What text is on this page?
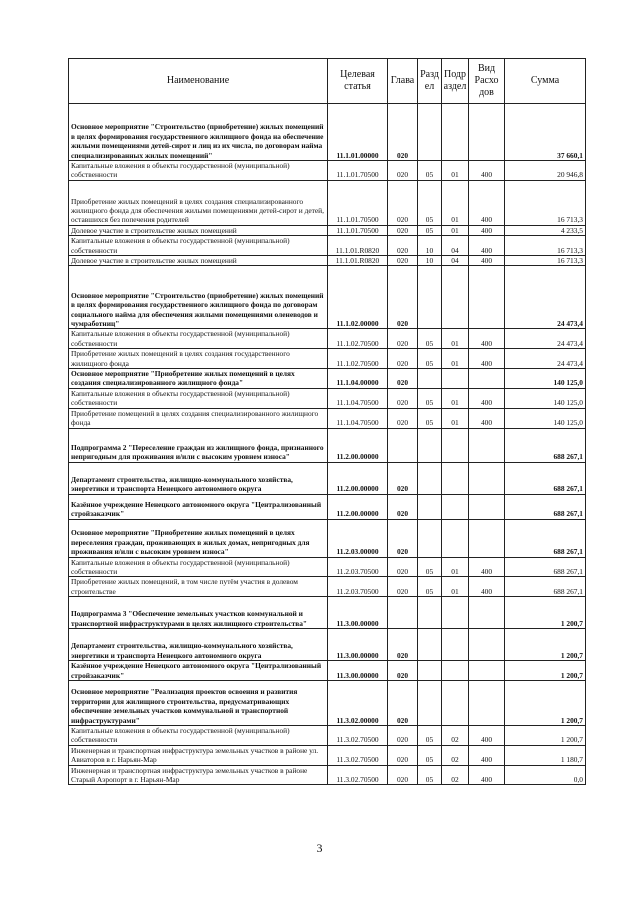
Наименование	Целевая статья	Глава	Разд ел	Подр аздел	Вид Расхо дов	Сумма
Основное мероприятие "Строительство (приобретение) жилых помещений в целях формирования государственного жилищного фонда на обеспечение жилыми помещениями детей-сирот и лиц из их числа, по договорам найма специализированных жилых помещений"	11.1.01.00000	020				37 660,1
Капитальные вложения в объекты государственной (муниципальной) собственности	11.1.01.70500	020	05	01	400	20 946,8
Приобретение жилых помещений в целях создания специализированного жилищного фонда для обеспечения жилыми помещениями детей-сирот и детей, оставшихся без попечения родителей	11.1.01.70500	020	05	01	400	16 713,3
Долевое участие в строительстве жилых помещений	11.1.01.70500	020	05	01	400	4 233,5
Капитальные вложения в объекты государственной (муниципальной) собственности	11.1.01.R0820	020	10	04	400	16 713,3
Долевое участие в строительстве жилых помещений	11.1.01.R0820	020	10	04	400	16 713,3
Основное мероприятие "Строительство (приобретение) жилых помещений в целях формирования государственного жилищного фонда по договорам социального найма для обеспечения жилыми помещениями оленеводов и чумработниц"	11.1.02.00000	020				24 473,4
Капитальные вложения в объекты государственной (муниципальной) собственности	11.1.02.70500	020	05	01	400	24 473,4
Приобретение жилых помещений в целях создания государственного жилищного фонда	11.1.02.70500	020	05	01	400	24 473,4
Основное мероприятие "Приобретение жилых помещений в целях создания специализированного жилищного фонда"	11.1.04.00000	020				140 125,0
Капитальные вложения в объекты государственной (муниципальной) собственности	11.1.04.70500	020	05	01	400	140 125,0
Приобретение помещений в целях создания специализированного жилищного фонда	11.1.04.70500	020	05	01	400	140 125,0
Подпрограмма 2 "Переселение граждан из жилищного фонда, признанного непригодным для проживания и/или с высоким уровнем износа"	11.2.00.00000					688 267,1
Департамент строительства, жилищно-коммунального хозяйства, энергетики и транспорта Ненецкого автономного округа	11.2.00.00000	020				688 267,1
Казённое учреждение Ненецкого автономного округа "Централизованный стройзаказчик"	11.2.00.00000	020				688 267,1
Основное мероприятие "Приобретение жилых помещений в целях переселения граждан, проживающих в жилых домах, непригодных для проживания и/или с высоким уровнем износа"	11.2.03.00000	020				688 267,1
Капитальные вложения в объекты государственной (муниципальной) собственности	11.2.03.70500	020	05	01	400	688 267,1
Приобретение жилых помещений, в том числе путём участия в долевом строительстве	11.2.03.70500	020	05	01	400	688 267,1
Подпрограмма 3 "Обеспечение земельных участков коммунальной и транспортной инфраструктурами в целях жилищного строительства"	11.3.00.00000					1 200,7
Департамент строительства, жилищно-коммунального хозяйства, энергетики и транспорта Ненецкого автономного округа	11.3.00.00000	020				1 200,7
Казённое учреждение Ненецкого автономного округа "Централизованный стройзаказчик"	11.3.00.00000	020				1 200,7
Основное мероприятие "Реализация проектов освоения и развития территории для жилищного строительства, предусматривающих обеспечение земельных участков коммунальной и транспортной инфраструктурами"	11.3.02.00000	020				1 200,7
Капитальные вложения в объекты государственной (муниципальной) собственности	11.3.02.70500	020	05	02	400	1 200,7
Инженерная и транспортная инфраструктура земельных участков в районе ул. Авиаторов в г. Нарьян-Мар	11.3.02.70500	020	05	02	400	1 180,7
Инженерная и транспортная инфраструктура земельных участков в районе Старый Аэропорт в г. Нарьян-Мар	11.3.02.70500	020	05	02	400	0,0
3
